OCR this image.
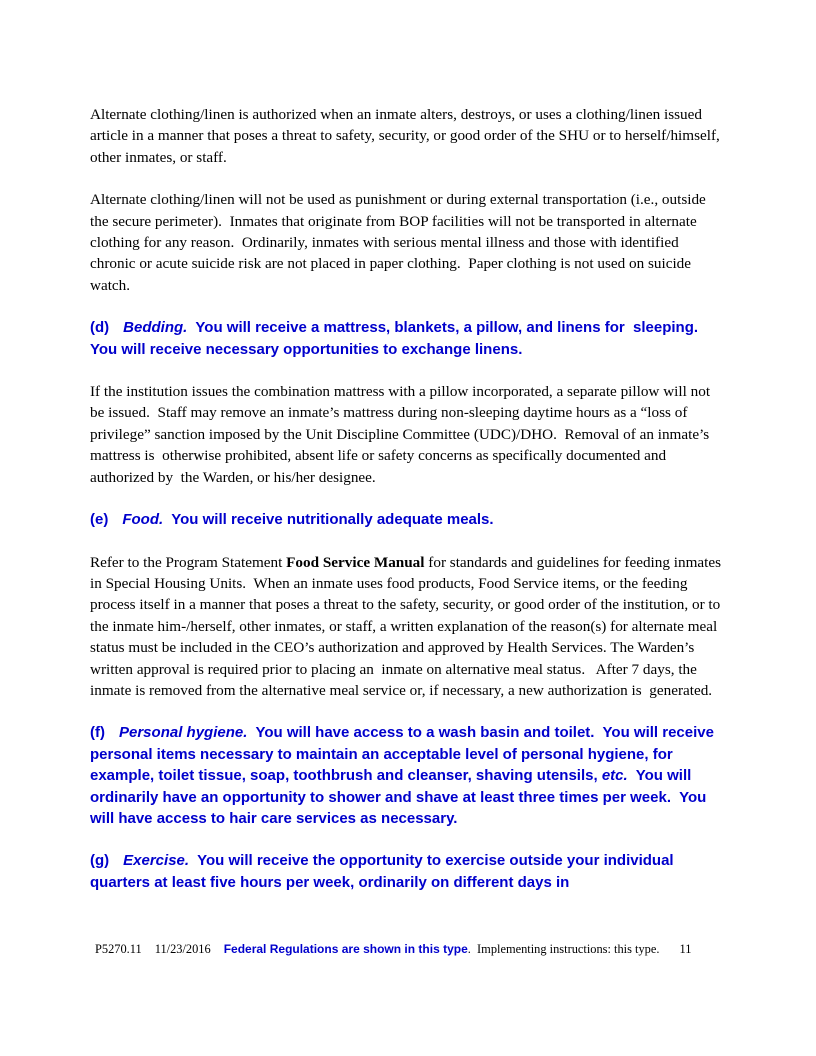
Alternate clothing/linen is authorized when an inmate alters, destroys, or uses a clothing/linen issued article in a manner that poses a threat to safety, security, or good order of the SHU or to herself/himself, other inmates, or staff.

Alternate clothing/linen will not be used as punishment or during external transportation (i.e., outside the secure perimeter).  Inmates that originate from BOP facilities will not be transported in alternate clothing for any reason.  Ordinarily, inmates with serious mental illness and those with identified chronic or acute suicide risk are not placed in paper clothing.  Paper clothing is not used on suicide watch.

(d) Bedding.  You will receive a mattress, blankets, a pillow, and linens for  sleeping.  You will receive necessary opportunities to exchange linens.

If the institution issues the combination mattress with a pillow incorporated, a separate pillow will not be issued.  Staff may remove an inmate’s mattress during non-sleeping daytime hours as a “loss of privilege” sanction imposed by the Unit Discipline Committee (UDC)/DHO.  Removal of an inmate’s mattress is  otherwise prohibited, absent life or safety concerns as specifically documented and authorized by  the Warden, or his/her designee.

(e) Food.  You will receive nutritionally adequate meals.

Refer to the Program Statement Food Service Manual for standards and guidelines for feeding inmates in Special Housing Units.  When an inmate uses food products, Food Service items, or the feeding process itself in a manner that poses a threat to the safety, security, or good order of the institution, or to the inmate him-/herself, other inmates, or staff, a written explanation of the reason(s) for alternate meal status must be included in the CEO’s authorization and approved by Health Services. The Warden’s written approval is required prior to placing an  inmate on alternative meal status.   After 7 days, the  inmate is removed from the alternative meal service or, if necessary, a new authorization is  generated.

(f) Personal hygiene.  You will have access to a wash basin and toilet.  You will receive personal items necessary to maintain an acceptable level of personal hygiene, for example, toilet tissue, soap, toothbrush and cleanser, shaving utensils, etc.  You will ordinarily have an opportunity to shower and shave at least three times per week.  You will have access to hair care services as necessary.

(g) Exercise.  You will receive the opportunity to exercise outside your individual  quarters at least five hours per week, ordinarily on different days in

P5270.11 11/23/2016 Federal Regulations are shown in this type.  Implementing instructions: this type. 11
